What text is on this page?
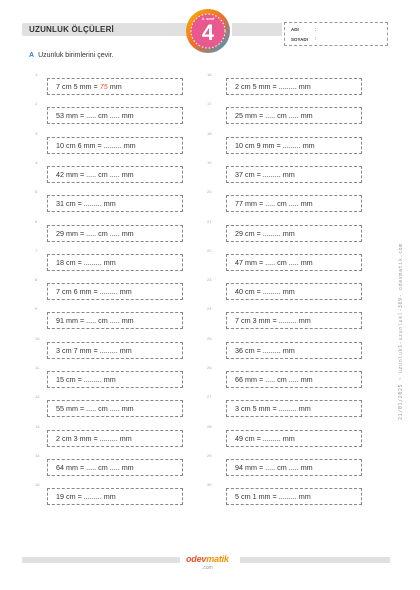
UZUNLUK ÖLÇÜLERİ
4. sınıf
4	ADI	:
SOYADI :
A Uzunluk birimlerini çevir.
1.
7 cm 5 mm = 75 mm
2.
53 mm = ..... cm ..... mm
3.
10 cm 6 mm = ......... mm
4.
42 mm = ..... cm ..... mm
5.
31 cm = ......... mm
6.
29 mm = ..... cm ..... mm
7.
18 cm = ......... mm
8.
7 cm 6 mm = ......... mm
9.
91 mm = ..... cm ..... mm
10.
3 cm 7 mm = ......... mm
11.
15 cm = ......... mm
12.
55 mm = ..... cm ..... mm
13.
2 cm 3 mm = ......... mm
14.
64 mm = ..... cm ..... mm
15.
19 cm = ......... mm
16.
2 cm 5 mm = ......... mm
17.
25 mm = ..... cm ..... mm
18.
10 cm 9 mm = ......... mm
19.
37 cm = ......... mm
20.
77 mm = ..... cm ..... mm
21.
29 cm = ......... mm
22.
47 mm = ..... cm ..... mm
23.
40 cm = ......... mm
24.
7 cm 3 mm = ......... mm
25.
36 cm = ......... mm
26.
66 mm = ..... cm ..... mm
27.
3 cm 5 mm = ......... mm
28.
49 cm = ......... mm
29.
94 mm = ..... cm ..... mm
30.
5 cm 1 mm = ......... mm
21/01/2025 ~ uzunluk1-uzunlukl-369- odevmatik.com
odevmatik
.com
